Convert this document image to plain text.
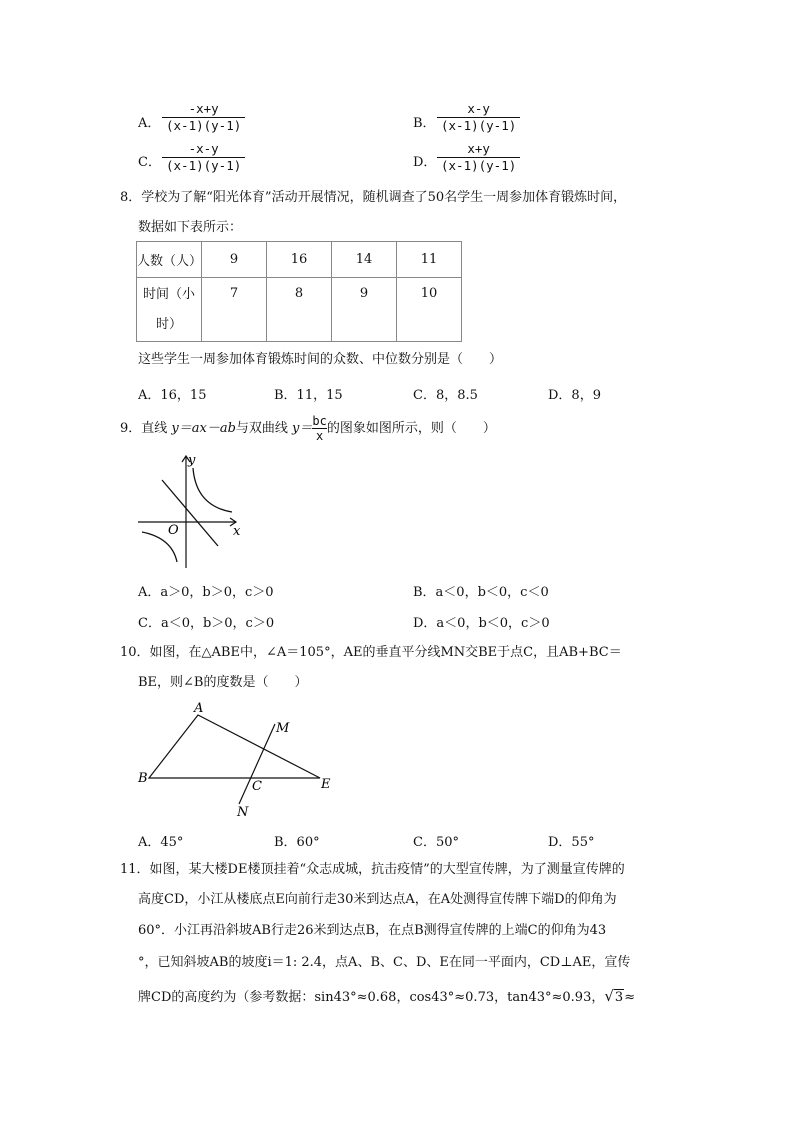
A．
-x+y
(x-1)(y-1)	B．
x-y
(x-1)(y-1)
C．
-x-y
(x-1)(y-1)	D．
x+y
(x-1)(y-1)
8．学校为了解“阳光体育”活动开展情况，随机调查了50名学生一周参加体育锻炼时间，
数据如下表所示：
人数（人）	9	16	14	11

时间（小
时）	7	8	9	10
这些学生一周参加体育锻炼时间的众数、中位数分别是（　　）
A．16，15	B．11，15	C．8，8.5	D．8，9
9．直线 y＝ax－ab与双曲线 $y= \frac{bc}{x}$ 的图象如图所示，则（　　）
y
x
O
A．a＞0，b＞0，c＞0	B．a＜0，b＜0，c＜0
C．a＜0，b＞0，c＞0	D．a＜0，b＜0，c＞0
10．如图，在△ABE中，∠A＝105°，AE的垂直平分线MN交BE于点C，且AB+BC＝
BE，则∠B的度数是（　　）
A
B
C	E
M
N
A．45°	B．60°	C．50°	D．55°
11．如图，某大楼DE楼顶挂着“众志成城，抗击疫情”的大型宣传牌，为了测量宣传牌的
高度CD，小江从楼底点E向前行走30米到达点A，在A处测得宣传牌下端D的仰角为
60°．小江再沿斜坡AB行走26米到达点B，在点B测得宣传牌的上端C的仰角为43
°，已知斜坡AB的坡度i＝1: 2.4，点A、B、C、D、E在同一平面内，CD⊥AE，宣传
牌CD的高度约为（参考数据：sin43°≈0.68，cos43°≈0.73，tan43°≈0.93，√3≈
